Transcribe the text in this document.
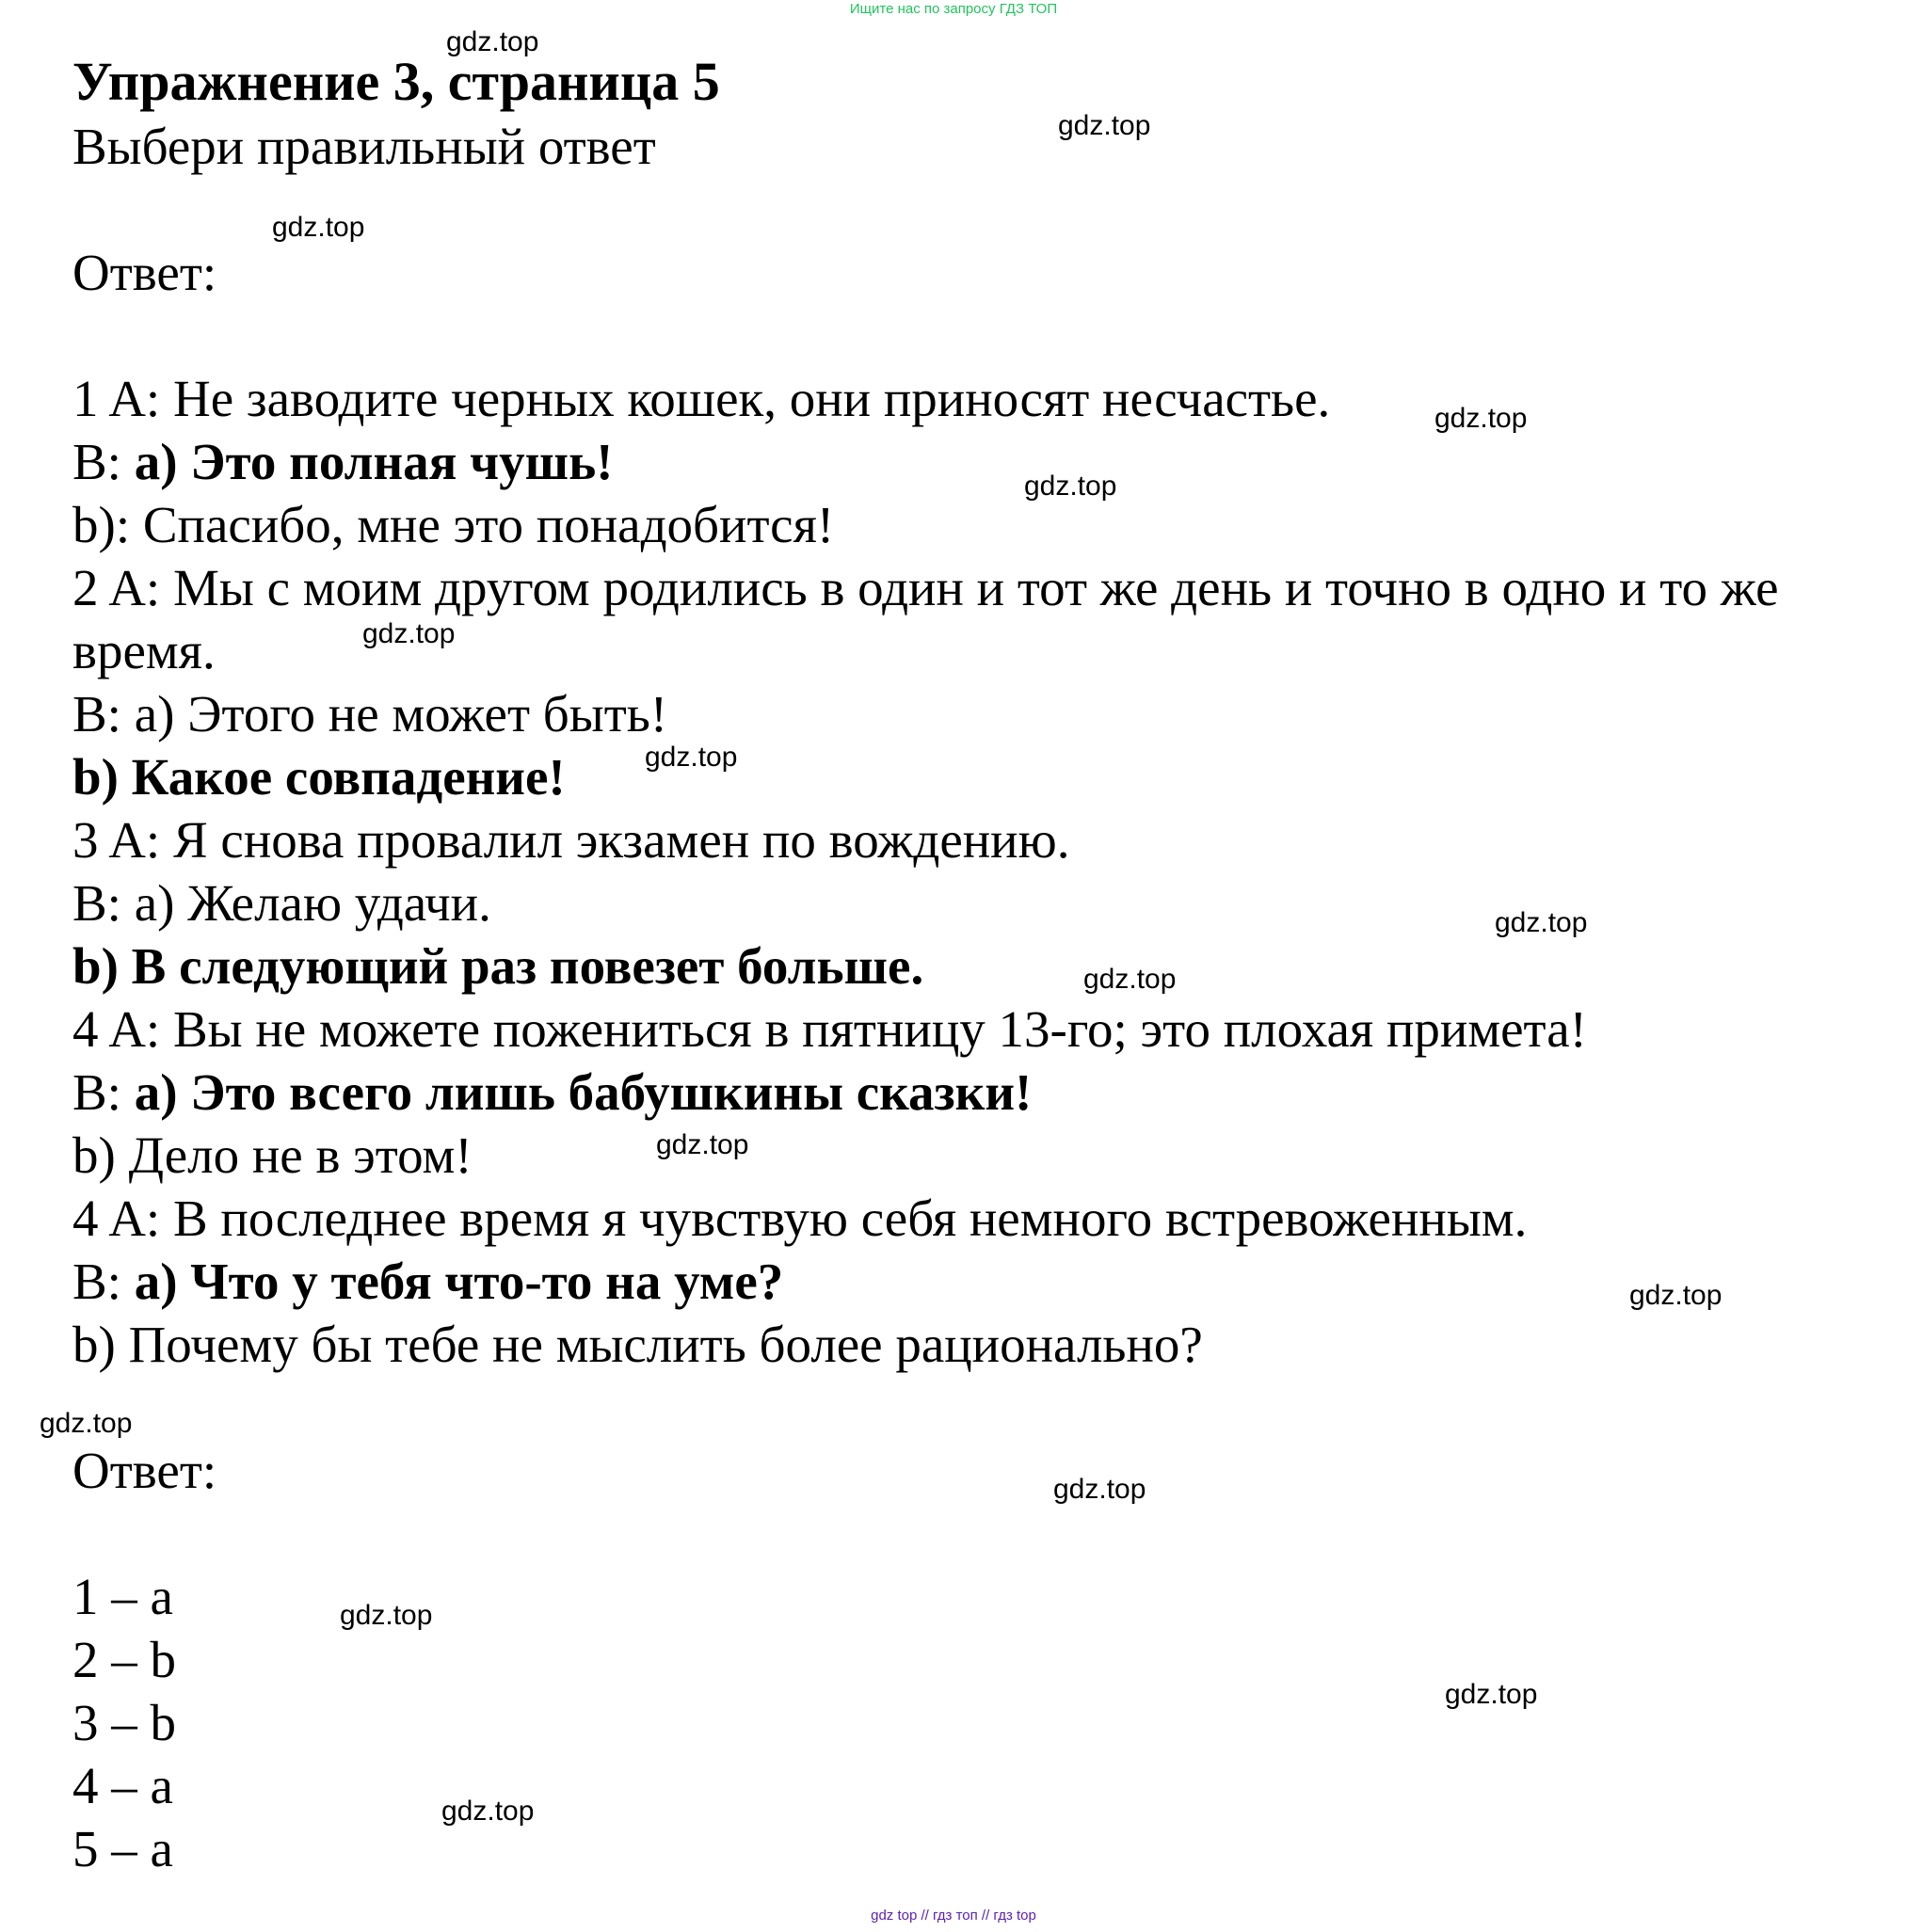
Ищите нас по запросу ГДЗ ТОП
Упражнение 3, страница 5

Выбери правильный ответ

Ответ:

1 A: Не заводите черных кошек, они приносят несчастье.

B: a) Это полная чушь!

b): Спасибо, мне это понадобится!

2 A: Мы с моим другом родились в один и тот же день и точно в одно и то же время.

B: a) Этого не может быть!

b) Какое совпадение!

3 A: Я снова провалил экзамен по вождению.

B: a) Желаю удачи.

b) В следующий раз повезет больше.

4 A: Вы не можете пожениться в пятницу 13-го; это плохая примета!

B: a) Это всего лишь бабушкины сказки!

b) Дело не в этом!

4 A: В последнее время я чувствую себя немного встревоженным.

B: a) Что у тебя что-то на уме?

b) Почему бы тебе не мыслить более рационально?

Ответ:

1 – a

2 – b

3 – b

4 – a

5 – a

gdz.top
gdz.top
gdz.top
gdz.top
gdz.top
gdz.top
gdz.top
gdz.top
gdz.top
gdz.top
gdz.top
gdz.top
gdz.top
gdz.top
gdz.top
gdz.top
gdz top // гдз топ // гдз top
